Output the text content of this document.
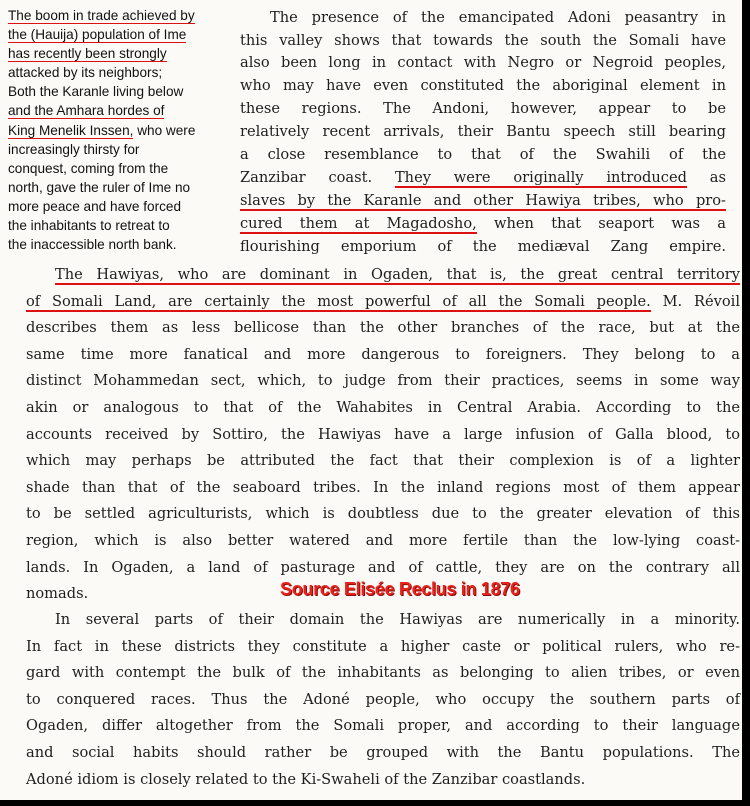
The boom in trade achieved by
the (Hauija) population of Ime
has recently been strongly
attacked by its neighbors;
Both the Karanle living below
and the Amhara hordes of
King Menelik Inssen, who were
increasingly thirsty for
conquest, coming from the
north, gave the ruler of Ime no
more peace and have forced
the inhabitants to retreat to
the inaccessible north bank.
The presence of the emancipated Adoni peasantry in
this valley shows that towards the south the Somali have
also been long in contact with Negro or Negroid peoples,
who may have even constituted the aboriginal element in
these regions. The Andoni, however, appear to be
relatively recent arrivals, their Bantu speech still bearing
a close resemblance to that of the Swahili of the
Zanzibar coast. They were originally introduced as
slaves by the Karanle and other Hawiya tribes, who pro-
cured them at Magadosho, when that seaport was a
flourishing emporium of the mediæval Zang empire.
The Hawiyas, who are dominant in Ogaden, that is, the great central territory
of Somali Land, are certainly the most powerful of all the Somali people. M. Révoil
describes them as less bellicose than the other branches of the race, but at the
same time more fanatical and more dangerous to foreigners. They belong to a
distinct Mohammedan sect, which, to judge from their practices, seems in some way
akin or analogous to that of the Wahabites in Central Arabia. According to the
accounts received by Sottiro, the Hawiyas have a large infusion of Galla blood, to
which may perhaps be attributed the fact that their complexion is of a lighter
shade than that of the seaboard tribes. In the inland regions most of them appear
to be settled agriculturists, which is doubtless due to the greater elevation of this
region, which is also better watered and more fertile than the low-lying coast-
lands. In Ogaden, a land of pasturage and of cattle, they are on the contrary all
nomads.	Source Elisée Reclus in 1876
In several parts of their domain the Hawiyas are numerically in a minority.
In fact in these districts they constitute a higher caste or political rulers, who re-
gard with contempt the bulk of the inhabitants as belonging to alien tribes, or even
to conquered races. Thus the Adoné people, who occupy the southern parts of
Ogaden, differ altogether from the Somali proper, and according to their language
and social habits should rather be grouped with the Bantu populations. The
Adoné idiom is closely related to the Ki-Swaheli of the Zanzibar coastlands.
